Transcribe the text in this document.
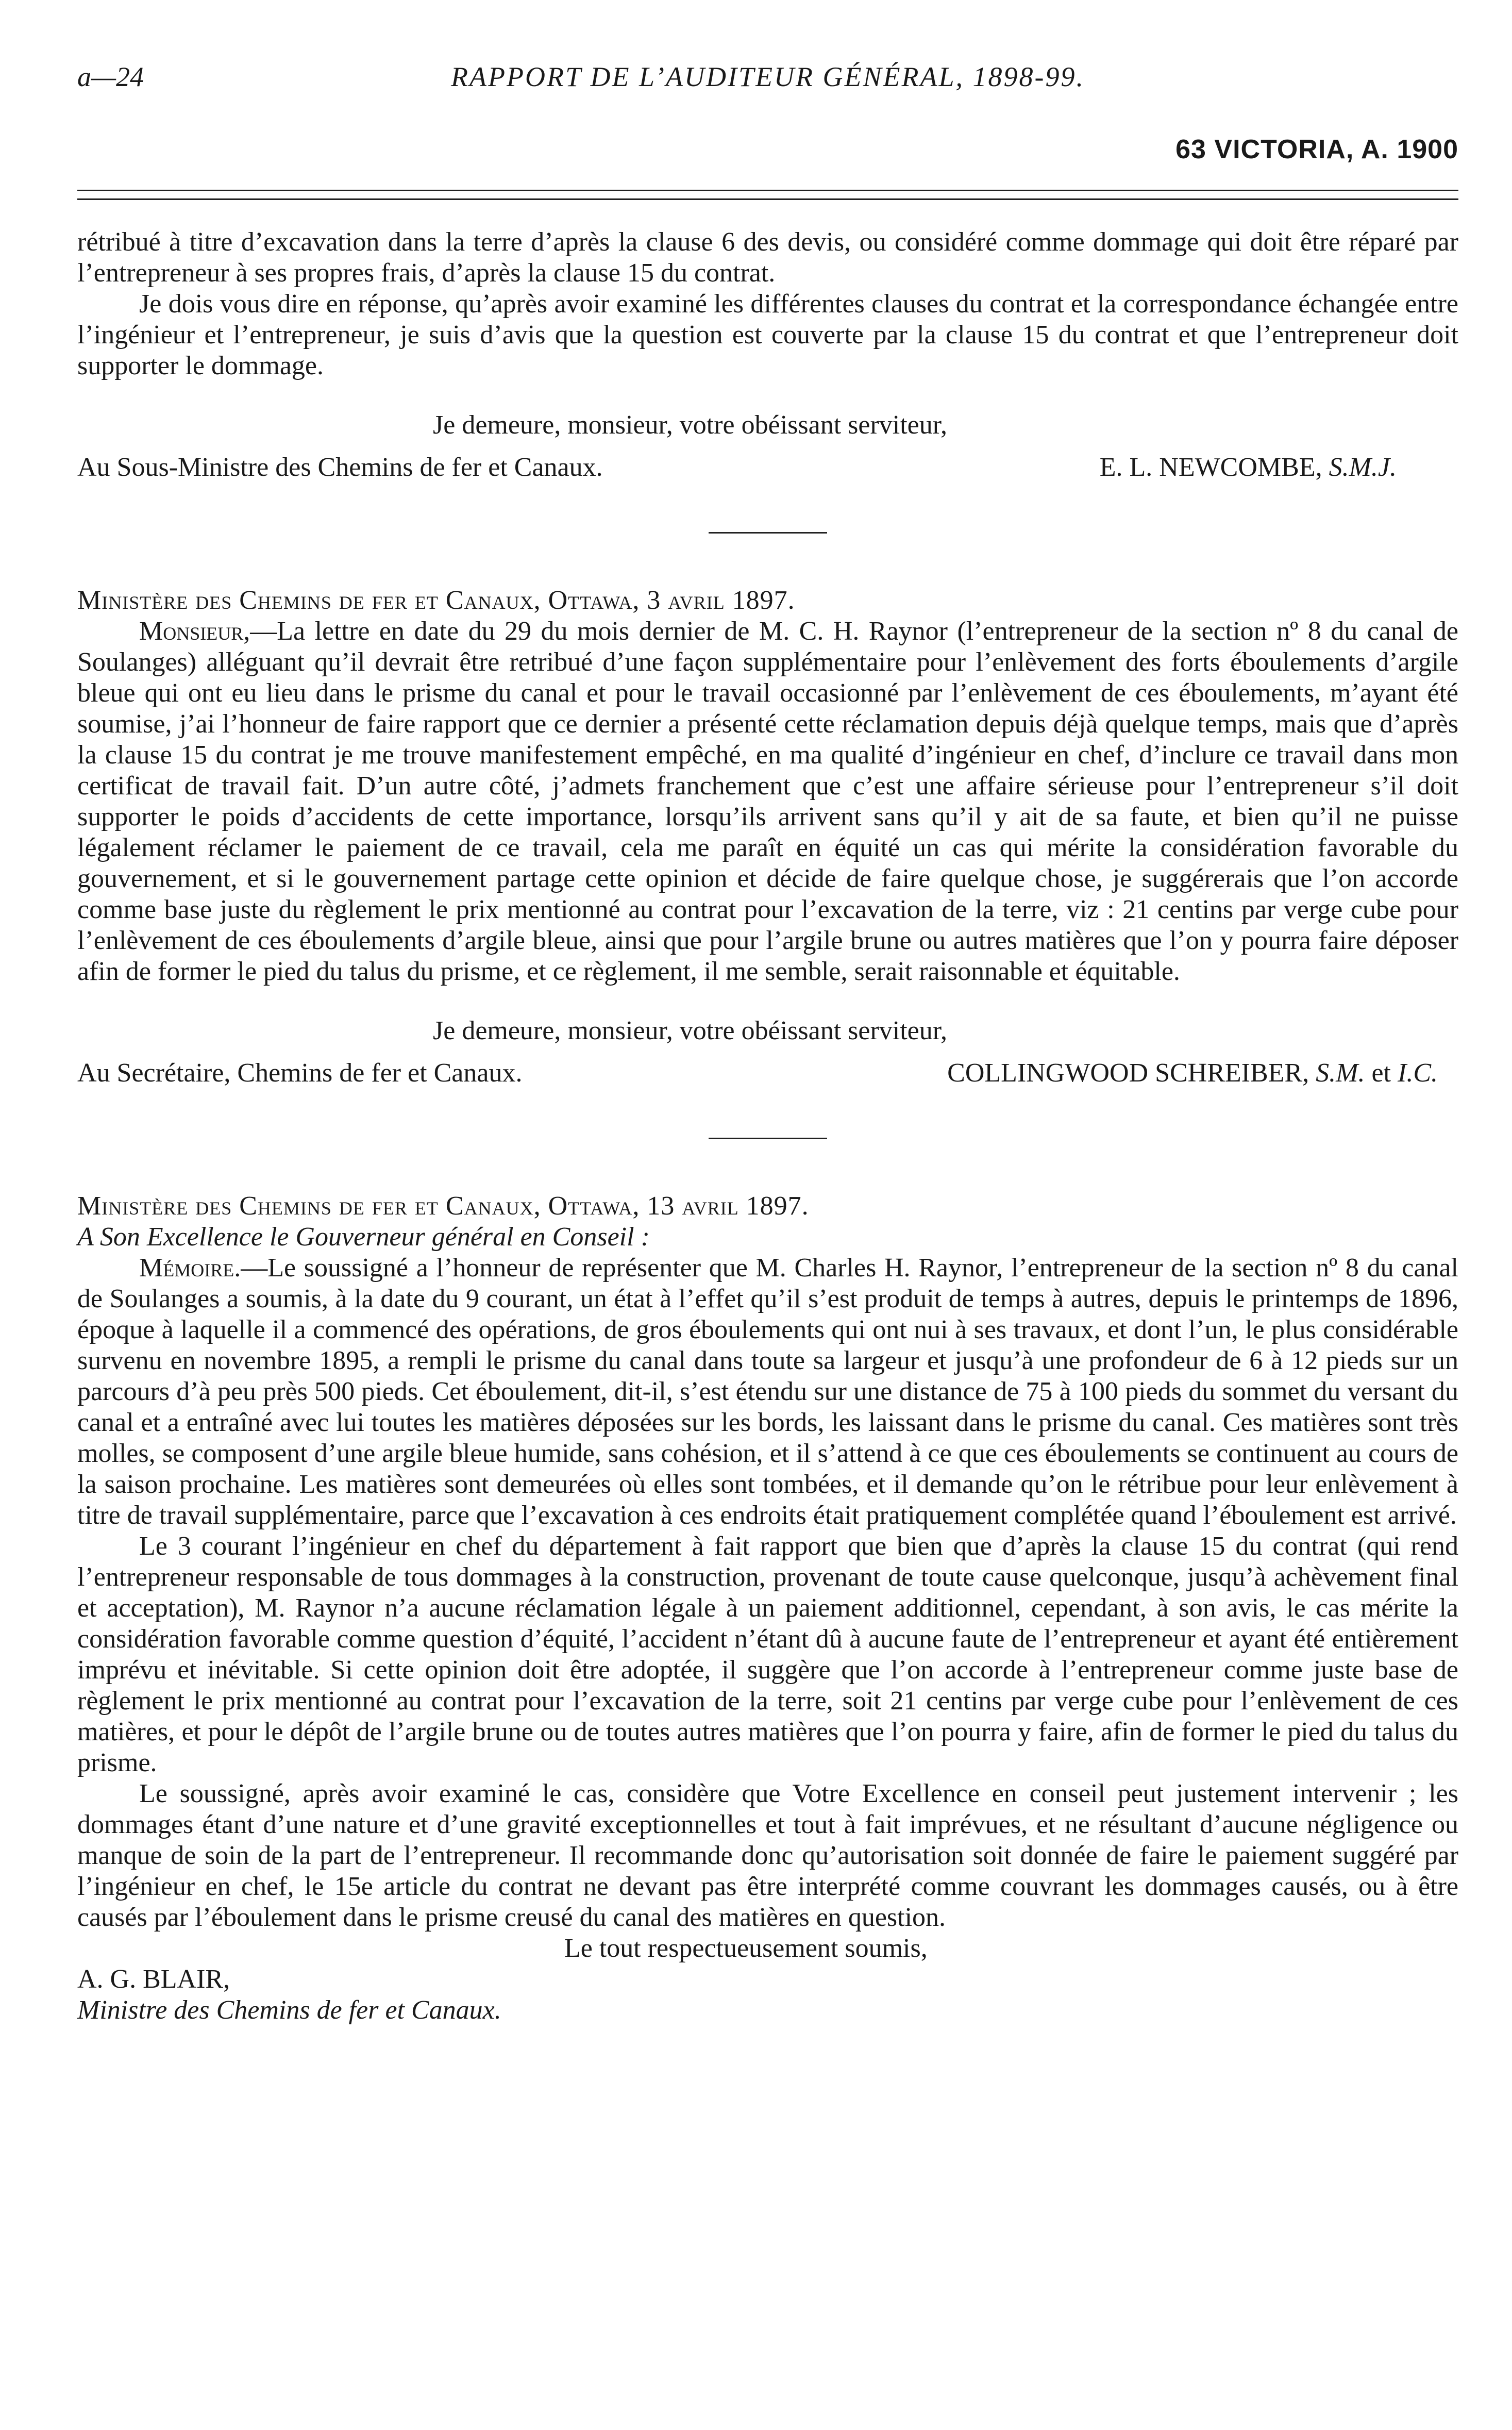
a—24	RAPPORT DE L’AUDITEUR GÉNÉRAL, 1898-99.
63 VICTORIA, A. 1900

rétribué à titre d’excavation dans la terre d’après la clause 6 des devis, ou considéré comme dommage qui doit être réparé par l’entrepreneur à ses propres frais, d’après la clause 15 du contrat.

Je dois vous dire en réponse, qu’après avoir examiné les différentes clauses du contrat et la correspondance échangée entre l’ingénieur et l’entrepreneur, je suis d’avis que la question est couverte par la clause 15 du contrat et que l’entrepreneur doit supporter le dommage.

Je demeure, monsieur, votre obéissant serviteur,

Au Sous-Ministre des Chemins de fer et Canaux.	E. L. NEWCOMBE, S.M.J.

Ministère des Chemins de fer et Canaux, Ottawa, 3 avril 1897.

Monsieur,—La lettre en date du 29 du mois dernier de M. C. H. Raynor (l’entrepreneur de la section nº 8 du canal de Soulanges) alléguant qu’il devrait être retribué d’une façon supplémentaire pour l’enlèvement des forts éboulements d’argile bleue qui ont eu lieu dans le prisme du canal et pour le travail occasionné par l’enlèvement de ces éboulements, m’ayant été soumise, j’ai l’honneur de faire rapport que ce dernier a présenté cette réclamation depuis déjà quelque temps, mais que d’après la clause 15 du contrat je me trouve manifestement empêché, en ma qualité d’ingénieur en chef, d’inclure ce travail dans mon certificat de travail fait. D’un autre côté, j’admets franchement que c’est une affaire sérieuse pour l’entrepreneur s’il doit supporter le poids d’accidents de cette importance, lorsqu’ils arrivent sans qu’il y ait de sa faute, et bien qu’il ne puisse légalement réclamer le paiement de ce travail, cela me paraît en équité un cas qui mérite la considération favorable du gouvernement, et si le gouvernement partage cette opinion et décide de faire quelque chose, je suggérerais que l’on accorde comme base juste du règlement le prix mentionné au contrat pour l’excavation de la terre, viz : 21 centins par verge cube pour l’enlèvement de ces éboulements d’argile bleue, ainsi que pour l’argile brune ou autres matières que l’on y pourra faire déposer afin de former le pied du talus du prisme, et ce règlement, il me semble, serait raisonnable et équitable.

Je demeure, monsieur, votre obéissant serviteur,

Au Secrétaire, Chemins de fer et Canaux.	COLLINGWOOD SCHREIBER, S.M. et I.C.

Ministère des Chemins de fer et Canaux, Ottawa, 13 avril 1897.

A Son Excellence le Gouverneur général en Conseil :

Mémoire.—Le soussigné a l’honneur de représenter que M. Charles H. Raynor, l’entrepreneur de la section nº 8 du canal de Soulanges a soumis, à la date du 9 courant, un état à l’effet qu’il s’est produit de temps à autres, depuis le printemps de 1896, époque à laquelle il a commencé des opérations, de gros éboulements qui ont nui à ses travaux, et dont l’un, le plus considérable survenu en novembre 1895, a rempli le prisme du canal dans toute sa largeur et jusqu’à une profondeur de 6 à 12 pieds sur un parcours d’à peu près 500 pieds. Cet éboulement, dit-il, s’est étendu sur une distance de 75 à 100 pieds du sommet du versant du canal et a entraîné avec lui toutes les matières déposées sur les bords, les laissant dans le prisme du canal. Ces matières sont très molles, se composent d’une argile bleue humide, sans cohésion, et il s’attend à ce que ces éboulements se continuent au cours de la saison prochaine. Les matières sont demeurées où elles sont tombées, et il demande qu’on le rétribue pour leur enlèvement à titre de travail supplémentaire, parce que l’excavation à ces endroits était pratiquement complétée quand l’éboulement est arrivé.

Le 3 courant l’ingénieur en chef du département à fait rapport que bien que d’après la clause 15 du contrat (qui rend l’entrepreneur responsable de tous dommages à la construction, provenant de toute cause quelconque, jusqu’à achèvement final et acceptation), M. Raynor n’a aucune réclamation légale à un paiement additionnel, cependant, à son avis, le cas mérite la considération favorable comme question d’équité, l’accident n’étant dû à aucune faute de l’entrepreneur et ayant été entièrement imprévu et inévitable. Si cette opinion doit être adoptée, il suggère que l’on accorde à l’entrepreneur comme juste base de règlement le prix mentionné au contrat pour l’excavation de la terre, soit 21 centins par verge cube pour l’enlèvement de ces matières, et pour le dépôt de l’argile brune ou de toutes autres matières que l’on pourra y faire, afin de former le pied du talus du prisme.

Le soussigné, après avoir examiné le cas, considère que Votre Excellence en conseil peut justement intervenir ; les dommages étant d’une nature et d’une gravité exceptionnelles et tout à fait imprévues, et ne résultant d’aucune négligence ou manque de soin de la part de l’entrepreneur. Il recommande donc qu’autorisation soit donnée de faire le paiement suggéré par l’ingénieur en chef, le 15e article du contrat ne devant pas être interprété comme couvrant les dommages causés, ou à être causés par l’éboulement dans le prisme creusé du canal des matières en question.

Le tout respectueusement soumis,

A. G. BLAIR,

Ministre des Chemins de fer et Canaux.
